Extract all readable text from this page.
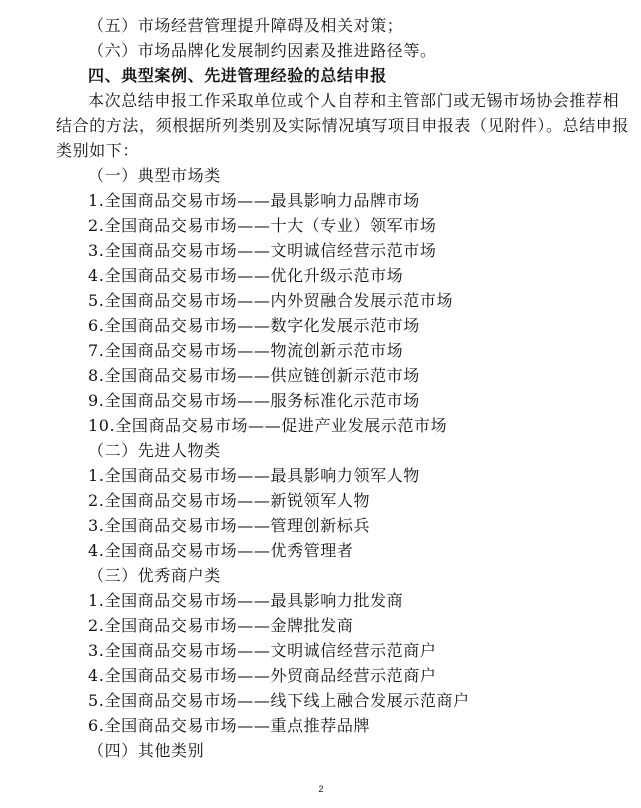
（五）市场经营管理提升障碍及相关对策；
（六）市场品牌化发展制约因素及推进路径等。
四、典型案例、先进管理经验的总结申报
本次总结申报工作采取单位或个人自荐和主管部门或无锡市场协会推荐相
结合的方法，须根据所列类别及实际情况填写项目申报表（见附件）。总结申报
类别如下：
（一）典型市场类
1.全国商品交易市场——最具影响力品牌市场
2.全国商品交易市场——十大（专业）领军市场
3.全国商品交易市场——文明诚信经营示范市场
4.全国商品交易市场——优化升级示范市场
5.全国商品交易市场——内外贸融合发展示范市场
6.全国商品交易市场——数字化发展示范市场
7.全国商品交易市场——物流创新示范市场
8.全国商品交易市场——供应链创新示范市场
9.全国商品交易市场——服务标准化示范市场
10.全国商品交易市场——促进产业发展示范市场
（二）先进人物类
1.全国商品交易市场——最具影响力领军人物
2.全国商品交易市场——新锐领军人物
3.全国商品交易市场——管理创新标兵
4.全国商品交易市场——优秀管理者
（三）优秀商户类
1.全国商品交易市场——最具影响力批发商
2.全国商品交易市场——金牌批发商
3.全国商品交易市场——文明诚信经营示范商户
4.全国商品交易市场——外贸商品经营示范商户
5.全国商品交易市场——线下线上融合发展示范商户
6.全国商品交易市场——重点推荐品牌
（四）其他类别
2
